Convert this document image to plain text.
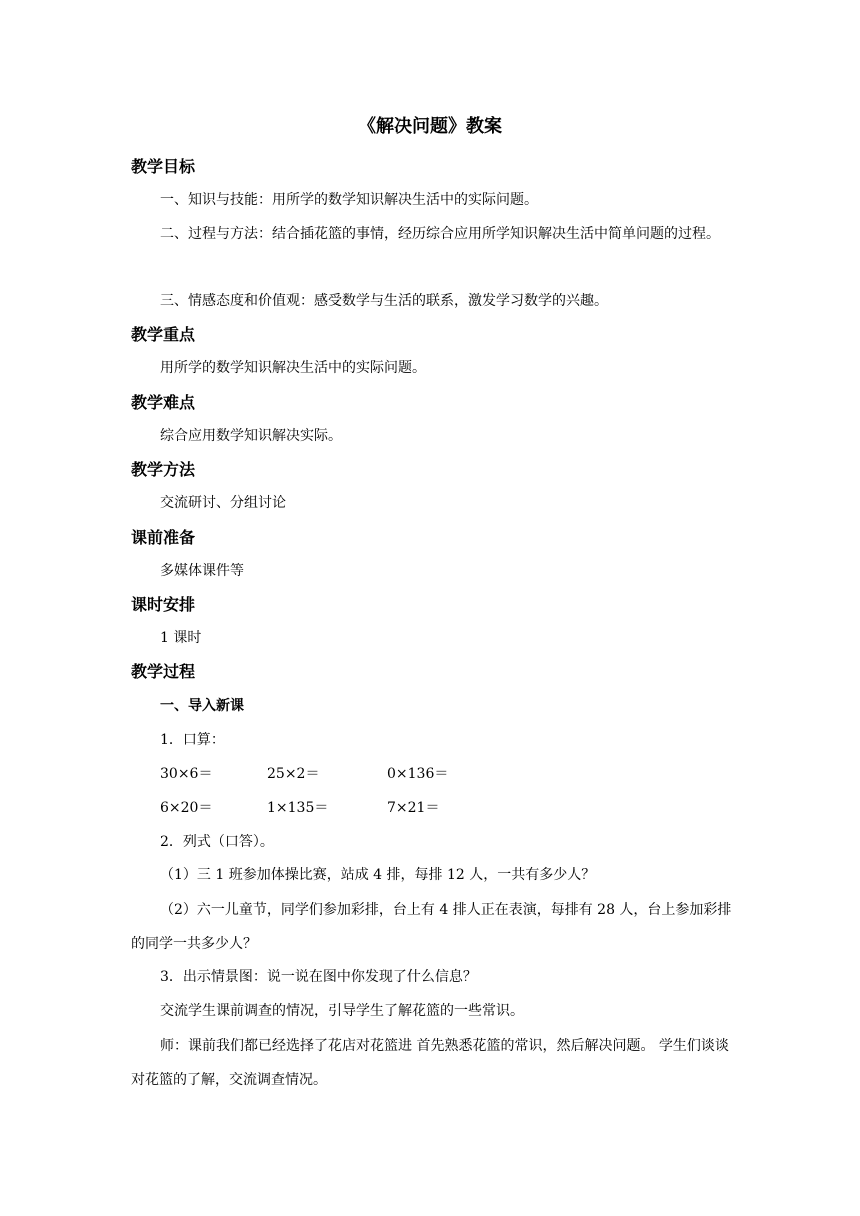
《解决问题》教案
教学目标
一、知识与技能：用所学的数学知识解决生活中的实际问题。
二、过程与方法：结合插花篮的事情，经历综合应用所学知识解决生活中简单问题的过程。
三、情感态度和价值观：感受数学与生活的联系，激发学习数学的兴趣。
教学重点
用所学的数学知识解决生活中的实际问题。
教学难点
综合应用数学知识解决实际。
教学方法
交流研讨、分组讨论
课前准备
多媒体课件等
课时安排
1 课时
教学过程
一、导入新课
1．口算：
30×6＝	25×2＝	0×136＝
6×20＝	1×135＝	7×21＝
2．列式（口答）。
（1）三 1 班参加体操比赛，站成 4 排，每排 12 人，一共有多少人？
（2）六一儿童节，同学们参加彩排，台上有 4 排人正在表演，每排有 28 人，台上参加彩排的同学一共多少人？
3．出示情景图：说一说在图中你发现了什么信息？
交流学生课前调查的情况，引导学生了解花篮的一些常识。
师：课前我们都已经选择了花店对花篮进 首先熟悉花篮的常识，然后解决问题。 学生们谈谈对花篮的了解，交流调查情况。
